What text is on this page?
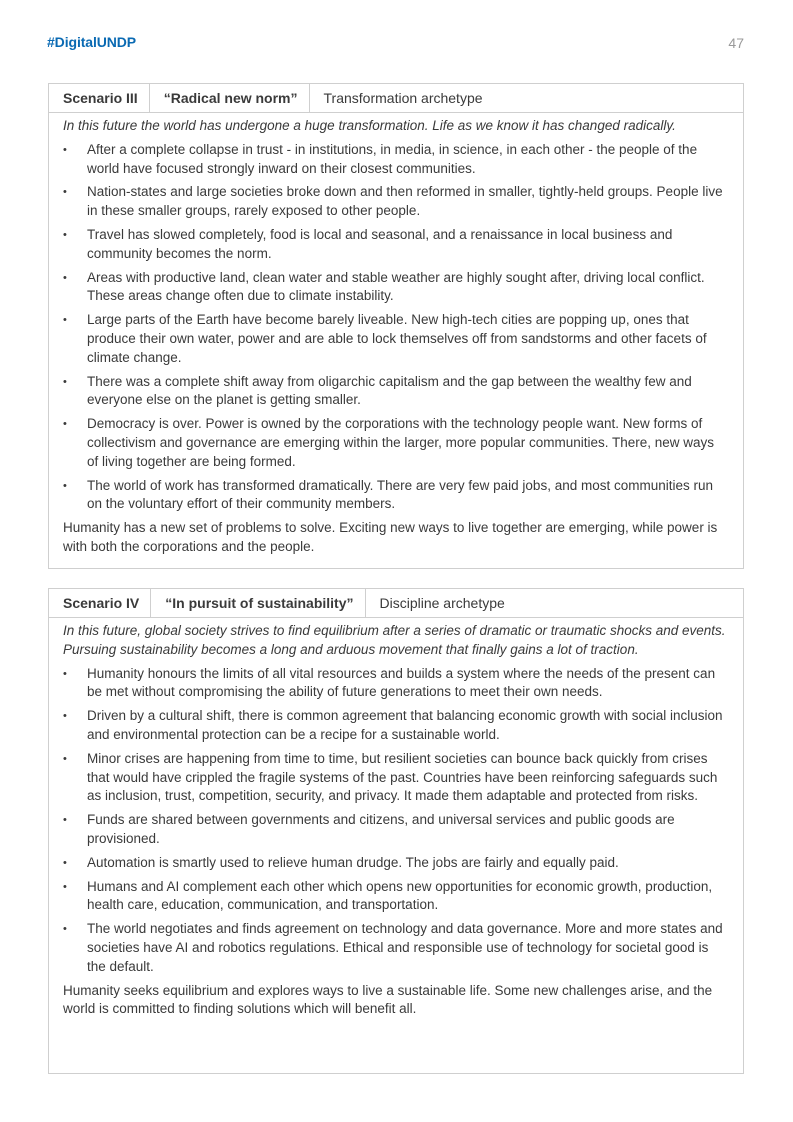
#DigitalUNDP	47
Scenario III	“Radical new norm”	Transformation archetype

In this future the world has undergone a huge transformation. Life as we know it has changed radically.

• After a complete collapse in trust - in institutions, in media, in science, in each other - the people of the world have focused strongly inward on their closest communities.
• Nation-states and large societies broke down and then reformed in smaller, tightly-held groups. People live in these smaller groups, rarely exposed to other people.
• Travel has slowed completely, food is local and seasonal, and a renaissance in local business and community becomes the norm.
• Areas with productive land, clean water and stable weather are highly sought after, driving local conflict. These areas change often due to climate instability.
• Large parts of the Earth have become barely liveable. New high-tech cities are popping up, ones that produce their own water, power and are able to lock themselves off from sandstorms and other facets of climate change.
• There was a complete shift away from oligarchic capitalism and the gap between the wealthy few and everyone else on the planet is getting smaller.
• Democracy is over. Power is owned by the corporations with the technology people want. New forms of collectivism and governance are emerging within the larger, more popular communities. There, new ways of living together are being formed.
• The world of work has transformed dramatically. There are very few paid jobs, and most communities run on the voluntary effort of their community members.

Humanity has a new set of problems to solve. Exciting new ways to live together are emerging, while power is with both the corporations and the people.

Scenario IV	“In pursuit of sustainability”	Discipline archetype

In this future, global society strives to find equilibrium after a series of dramatic or traumatic shocks and events. Pursuing sustainability becomes a long and arduous movement that finally gains a lot of traction.

• Humanity honours the limits of all vital resources and builds a system where the needs of the present can be met without compromising the ability of future generations to meet their own needs.
• Driven by a cultural shift, there is common agreement that balancing economic growth with social inclusion and environmental protection can be a recipe for a sustainable world.
• Minor crises are happening from time to time, but resilient societies can bounce back quickly from crises that would have crippled the fragile systems of the past. Countries have been reinforcing safeguards such as inclusion, trust, competition, security, and privacy. It made them adaptable and protected from risks.
• Funds are shared between governments and citizens, and universal services and public goods are provisioned.
• Automation is smartly used to relieve human drudge. The jobs are fairly and equally paid.
• Humans and AI complement each other which opens new opportunities for economic growth, production, health care, education, communication, and transportation.
• The world negotiates and finds agreement on technology and data governance. More and more states and societies have AI and robotics regulations. Ethical and responsible use of technology for societal good is the default.

Humanity seeks equilibrium and explores ways to live a sustainable life. Some new challenges arise, and the world is committed to finding solutions which will benefit all.
